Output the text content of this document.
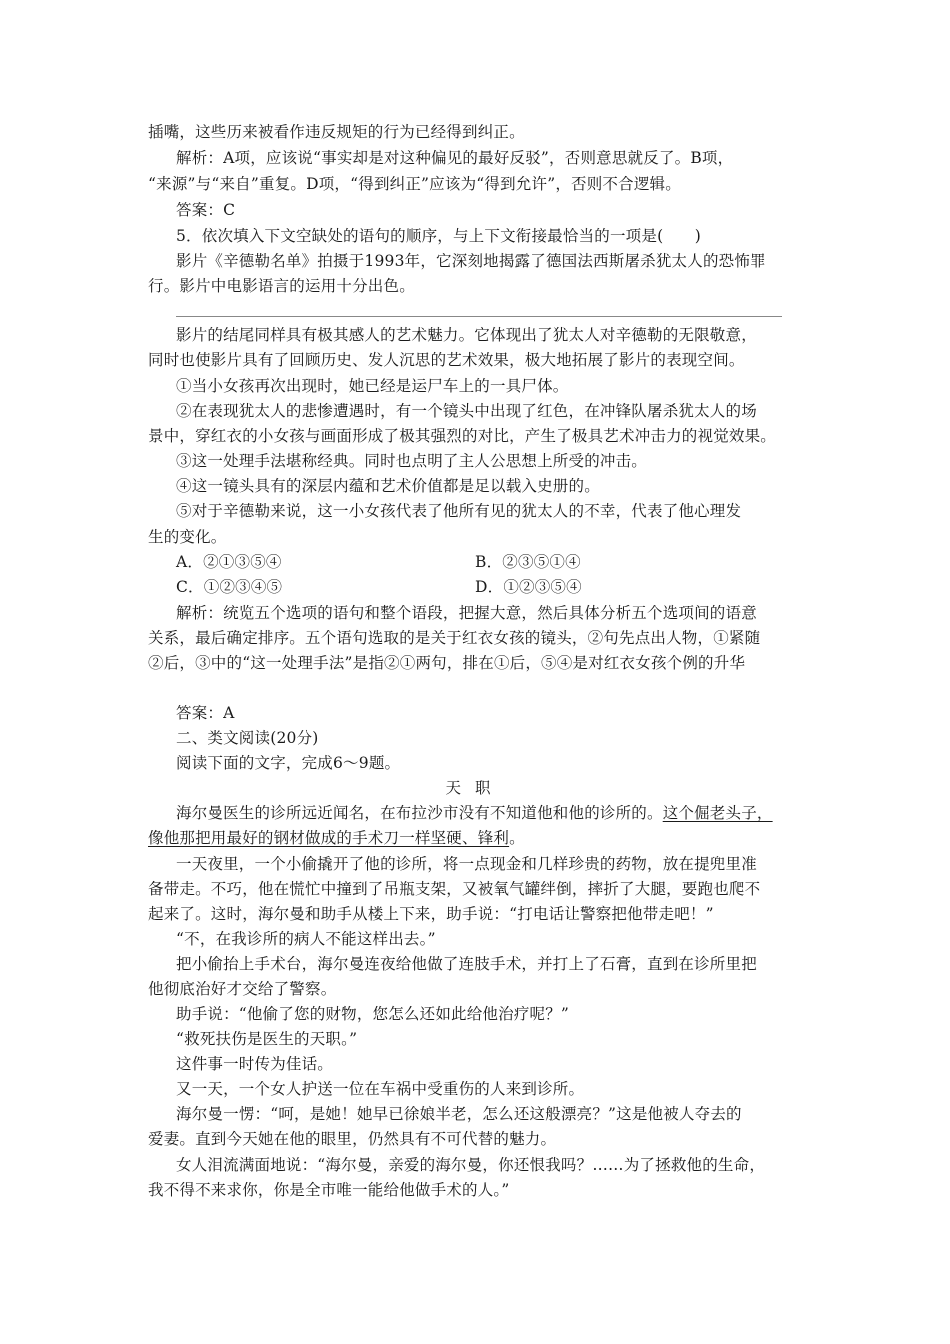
插嘴，这些历来被看作违反规矩的行为已经得到纠正。
解析：A项，应该说“事实却是对这种偏见的最好反驳”，否则意思就反了。B项，
“来源”与“来自”重复。D项，“得到纠正”应该为“得到允许”，否则不合逻辑。
答案：C
5．依次填入下文空缺处的语句的顺序，与上下文衔接最恰当的一项是(　　)
影片《辛德勒名单》拍摄于1993年，它深刻地揭露了德国法西斯屠杀犹太人的恐怖罪
行。影片中电影语言的运用十分出色。
影片的结尾同样具有极其感人的艺术魅力。它体现出了犹太人对辛德勒的无限敬意，
同时也使影片具有了回顾历史、发人沉思的艺术效果，极大地拓展了影片的表现空间。
①当小女孩再次出现时，她已经是运尸车上的一具尸体。
②在表现犹太人的悲惨遭遇时，有一个镜头中出现了红色，在冲锋队屠杀犹太人的场
景中，穿红衣的小女孩与画面形成了极其强烈的对比，产生了极具艺术冲击力的视觉效果。
③这一处理手法堪称经典。同时也点明了主人公思想上所受的冲击。
④这一镜头具有的深层内蕴和艺术价值都是足以载入史册的。
⑤对于辛德勒来说，这一小女孩代表了他所有见的犹太人的不幸，代表了他心理发
生的变化。
A．②①③⑤④	B．②③⑤①④
C．①②③④⑤	D．①②③⑤④
解析：统览五个选项的语句和整个语段，把握大意，然后具体分析五个选项间的语意
关系，最后确定排序。五个语句选取的是关于红衣女孩的镜头，②句先点出人物，①紧随
②后，③中的“这一处理手法”是指②①两句，排在①后，⑤④是对红衣女孩个例的升华
答案：A
二、类文阅读(20分)
阅读下面的文字，完成6～9题。
天职
海尔曼医生的诊所远近闻名，在布拉沙市没有不知道他和他的诊所的。这个倔老头子，
像他那把用最好的钢材做成的手术刀一样坚硬、锋利。
一天夜里，一个小偷撬开了他的诊所，将一点现金和几样珍贵的药物，放在提兜里准
备带走。不巧，他在慌忙中撞到了吊瓶支架，又被氧气罐绊倒，摔折了大腿，要跑也爬不
起来了。这时，海尔曼和助手从楼上下来，助手说：“打电话让警察把他带走吧！”
“不，在我诊所的病人不能这样出去。”
把小偷抬上手术台，海尔曼连夜给他做了连肢手术，并打上了石膏，直到在诊所里把
他彻底治好才交给了警察。
助手说：“他偷了您的财物，您怎么还如此给他治疗呢？”
“救死扶伤是医生的天职。”
这件事一时传为佳话。
又一天，一个女人护送一位在车祸中受重伤的人来到诊所。
海尔曼一愣：“呵，是她！她早已徐娘半老，怎么还这般漂亮？”这是他被人夺去的
爱妻。直到今天她在他的眼里，仍然具有不可代替的魅力。
女人泪流满面地说：“海尔曼，亲爱的海尔曼，你还恨我吗？……为了拯救他的生命，
我不得不来求你，你是全市唯一能给他做手术的人。”
